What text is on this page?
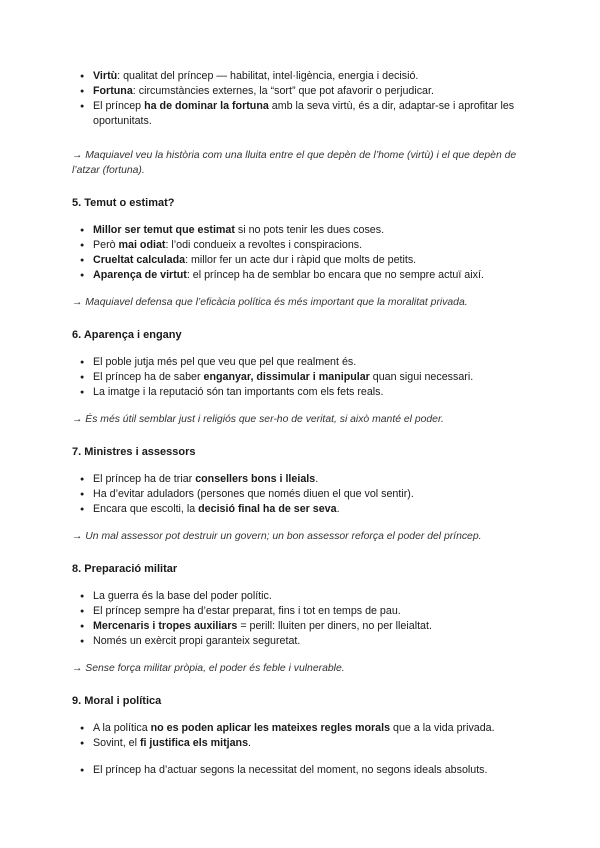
● Virtù: qualitat del príncep — habilitat, intel·ligència, energia i decisió.
● Fortuna: circumstàncies externes, la “sort” que pot afavorir o perjudicar.
● El príncep ha de dominar la fortuna amb la seva virtù, és a dir, adaptar-se i aprofitar les oportunitats.

→ Maquiavel veu la història com una lluita entre el que depèn de l’home (virtù) i el que depèn de l’atzar (fortuna).

5. Temut o estimat?

● Millor ser temut que estimat si no pots tenir les dues coses.
● Però mai odiat: l’odi condueix a revoltes i conspiracions.
● Crueltat calculada: millor fer un acte dur i ràpid que molts de petits.
● Aparença de virtut: el príncep ha de semblar bo encara que no sempre actuï així.

→ Maquiavel defensa que l’eficàcia política és més important que la moralitat privada.

6. Aparença i engany

● El poble jutja més pel que veu que pel que realment és.
● El príncep ha de saber enganyar, dissimular i manipular quan sigui necessari.
● La imatge i la reputació són tan importants com els fets reals.

→ És més útil semblar just i religiós que ser-ho de veritat, si això manté el poder.

7. Ministres i assessors

● El príncep ha de triar consellers bons i lleials.
● Ha d’evitar aduladors (persones que només diuen el que vol sentir).
● Encara que escolti, la decisió final ha de ser seva.

→ Un mal assessor pot destruir un govern; un bon assessor reforça el poder del príncep.

8. Preparació militar

● La guerra és la base del poder polític.
● El príncep sempre ha d’estar preparat, fins i tot en temps de pau.
● Mercenaris i tropes auxiliars = perill: lluiten per diners, no per lleialtat.
● Només un exèrcit propi garanteix seguretat.

→ Sense força militar pròpia, el poder és feble i vulnerable.

9. Moral i política

● A la política no es poden aplicar les mateixes regles morals que a la vida privada.
● Sovint, el fi justifica els mitjans.
● El príncep ha d’actuar segons la necessitat del moment, no segons ideals absoluts.
